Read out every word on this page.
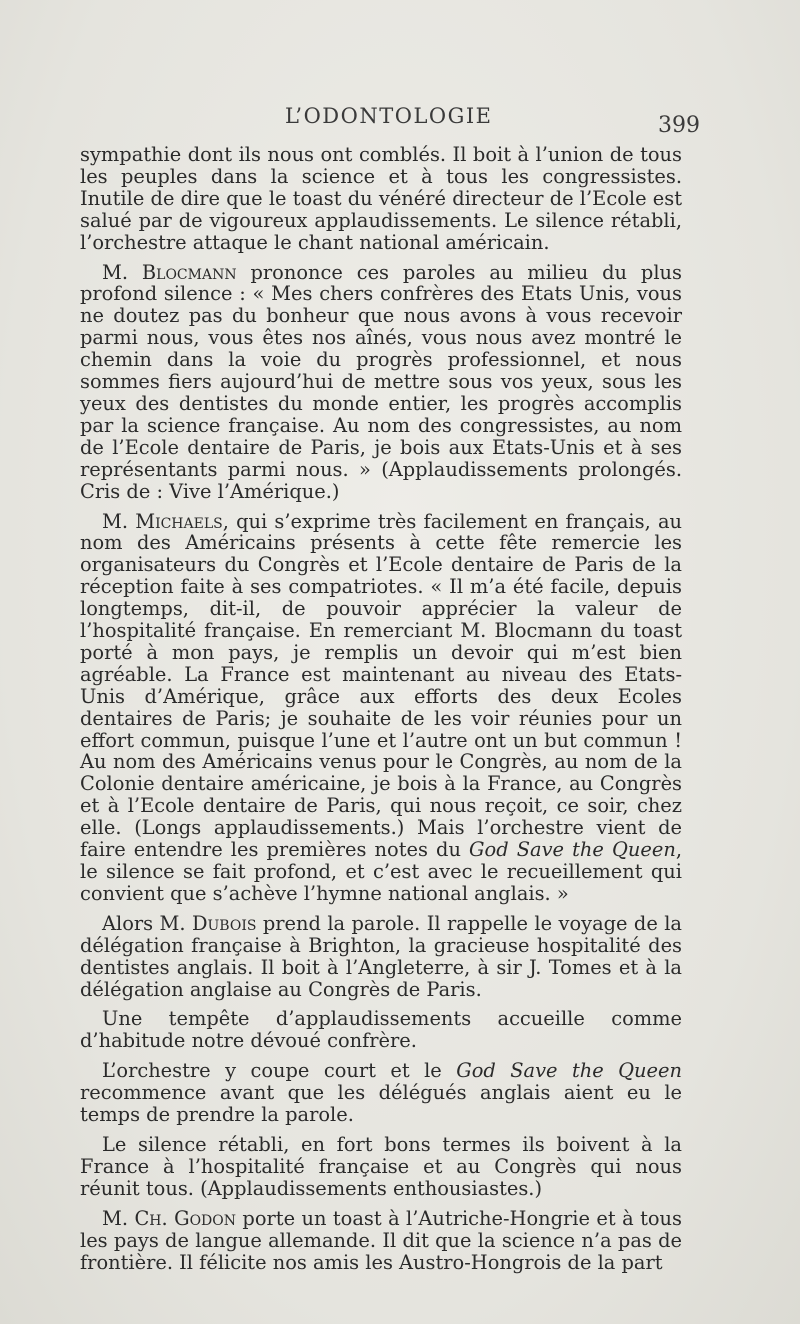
L’ODONTOLOGIE	399

sympathie dont ils nous ont comblés. Il boit à l’union de tous les peuples dans la science et à tous les congressistes. Inutile de dire que le toast du vénéré directeur de l’Ecole est salué par de vigoureux applaudissements. Le silence rétabli, l’orchestre attaque le chant national américain.

M. Blocmann prononce ces paroles au milieu du plus profond silence : « Mes chers confrères des Etats Unis, vous ne doutez pas du bonheur que nous avons à vous recevoir parmi nous, vous êtes nos aînés, vous nous avez montré le chemin dans la voie du progrès professionnel, et nous sommes fiers aujourd’hui de mettre sous vos yeux, sous les yeux des dentistes du monde entier, les progrès accomplis par la science française. Au nom des congressistes, au nom de l’Ecole dentaire de Paris, je bois aux Etats-Unis et à ses représentants parmi nous. » (Applaudissements prolongés. Cris de : Vive l’Amérique.)

M. Michaels, qui s’exprime très facilement en français, au nom des Américains présents à cette fête remercie les organisateurs du Congrès et l’Ecole dentaire de Paris de la réception faite à ses compatriotes. « Il m’a été facile, depuis longtemps, dit-il, de pouvoir apprécier la valeur de l’hospitalité française. En remerciant M. Blocmann du toast porté à mon pays, je remplis un devoir qui m’est bien agréable. La France est maintenant au niveau des Etats-Unis d’Amérique, grâce aux efforts des deux Ecoles dentaires de Paris; je souhaite de les voir réunies pour un effort commun, puisque l’une et l’autre ont un but commun ! Au nom des Américains venus pour le Congrès, au nom de la Colonie dentaire américaine, je bois à la France, au Congrès et à l’Ecole dentaire de Paris, qui nous reçoit, ce soir, chez elle. (Longs applaudissements.) Mais l’orchestre vient de faire entendre les premières notes du God Save the Queen, le silence se fait profond, et c’est avec le recueillement qui convient que s’achève l’hymne national anglais. »

Alors M. Dubois prend la parole. Il rappelle le voyage de la délégation française à Brighton, la gracieuse hospitalité des dentistes anglais. Il boit à l’Angleterre, à sir J. Tomes et à la délégation anglaise au Congrès de Paris.

Une tempête d’applaudissements accueille comme d’habitude notre dévoué confrère.

L’orchestre y coupe court et le God Save the Queen recommence avant que les délégués anglais aient eu le temps de prendre la parole.

Le silence rétabli, en fort bons termes ils boivent à la France à l’hospitalité française et au Congrès qui nous réunit tous. (Applaudissements enthousiastes.)

M. Ch. Godon porte un toast à l’Autriche-Hongrie et à tous les pays de langue allemande. Il dit que la science n’a pas de frontière. Il félicite nos amis les Austro-Hongrois de la part
